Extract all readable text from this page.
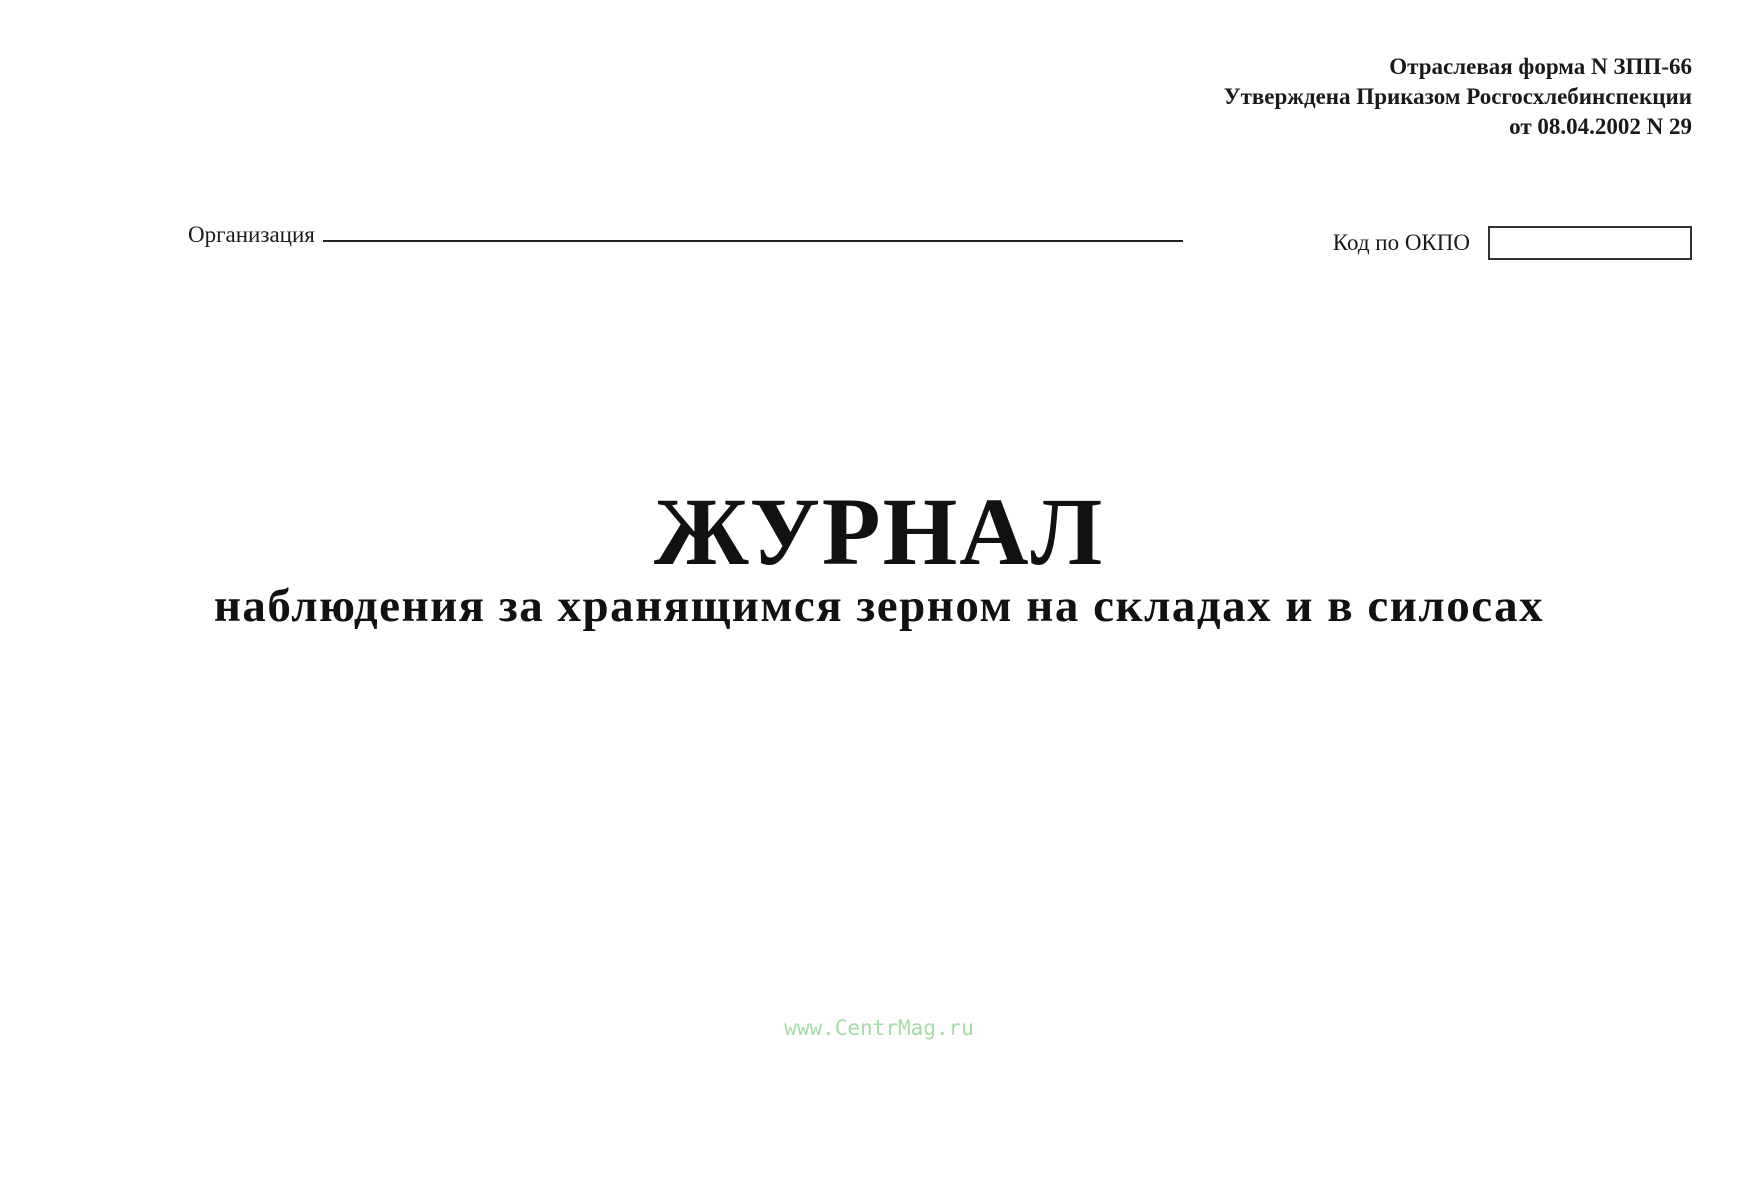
Отраслевая форма N ЗПП-66
Утверждена Приказом Росгосхлебинспекции
от 08.04.2002 N 29
Организация	Код по ОКПО
ЖУРНАЛ
наблюдения за хранящимся зерном на складах и в силосах
www.CentrMag.ru
